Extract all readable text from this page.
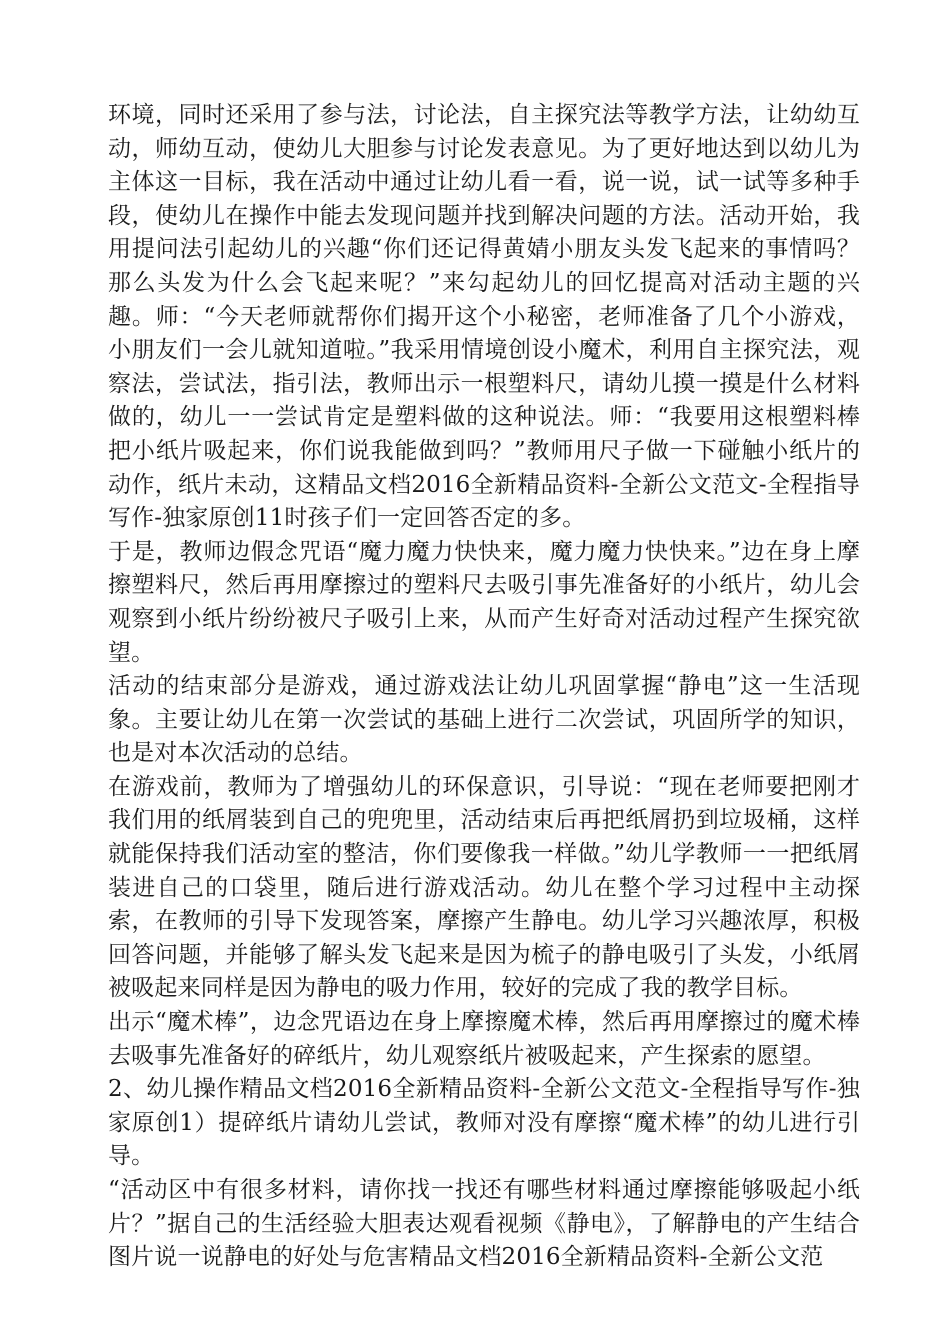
环境，同时还采用了参与法，讨论法，自主探究法等教学方法，让幼幼互动，师幼互动，使幼儿大胆参与讨论发表意见。为了更好地达到以幼儿为主体这一目标，我在活动中通过让幼儿看一看，说一说，试一试等多种手段，使幼儿在操作中能去发现问题并找到解决问题的方法。活动开始，我用提问法引起幼儿的兴趣“你们还记得黄婧小朋友头发飞起来的事情吗？那么头发为什么会飞起来呢？”来勾起幼儿的回忆提高对活动主题的兴趣。师：“今天老师就帮你们揭开这个小秘密，老师准备了几个小游戏，小朋友们一会儿就知道啦。”我采用情境创设小魔术，利用自主探究法，观察法，尝试法，指引法，教师出示一根塑料尺，请幼儿摸一摸是什么材料做的，幼儿一一尝试肯定是塑料做的这种说法。师：“我要用这根塑料棒把小纸片吸起来，你们说我能做到吗？”教师用尺子做一下碰触小纸片的动作，纸片未动，这精品文档2016全新精品资料-全新公文范文-全程指导写作-独家原创11时孩子们一定回答否定的多。

于是，教师边假念咒语“魔力魔力快快来，魔力魔力快快来。”边在身上摩擦塑料尺，然后再用摩擦过的塑料尺去吸引事先准备好的小纸片，幼儿会观察到小纸片纷纷被尺子吸引上来，从而产生好奇对活动过程产生探究欲望。

活动的结束部分是游戏，通过游戏法让幼儿巩固掌握“静电”这一生活现象。主要让幼儿在第一次尝试的基础上进行二次尝试，巩固所学的知识，也是对本次活动的总结。

在游戏前，教师为了增强幼儿的环保意识，引导说：“现在老师要把刚才我们用的纸屑装到自己的兜兜里，活动结束后再把纸屑扔到垃圾桶，这样就能保持我们活动室的整洁，你们要像我一样做。”幼儿学教师一一把纸屑装进自己的口袋里，随后进行游戏活动。幼儿在整个学习过程中主动探索，在教师的引导下发现答案，摩擦产生静电。幼儿学习兴趣浓厚，积极回答问题，并能够了解头发飞起来是因为梳子的静电吸引了头发，小纸屑被吸起来同样是因为静电的吸力作用，较好的完成了我的教学目标。

出示“魔术棒”，边念咒语边在身上摩擦魔术棒，然后再用摩擦过的魔术棒去吸事先准备好的碎纸片，幼儿观察纸片被吸起来，产生探索的愿望。

2、幼儿操作精品文档2016全新精品资料-全新公文范文-全程指导写作-独家原创1）提碎纸片请幼儿尝试，教师对没有摩擦“魔术棒”的幼儿进行引导。

“活动区中有很多材料，请你找一找还有哪些材料通过摩擦能够吸起小纸片？”据自己的生活经验大胆表达观看视频《静电》，了解静电的产生结合图片说一说静电的好处与危害精品文档2016全新精品资料-全新公文范
